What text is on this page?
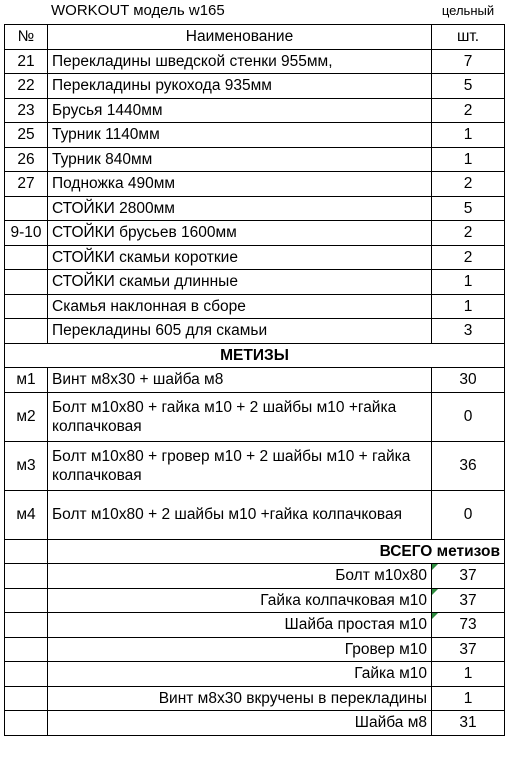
WORKOUT модель w165	цельный
№	Наименование	шт.
21	Перекладины шведской стенки 955мм,	7
22	Перекладины рукохода 935мм	5
23	Брусья 1440мм	2
25	Турник 1140мм	1
26	Турник 840мм	1
27	Подножка 490мм	2
	СТОЙКИ 2800мм	5
9-10	СТОЙКИ брусьев 1600мм	2
	СТОЙКИ скамьи короткие	2
	СТОЙКИ скамьи длинные	1
	Скамья наклонная в сборе	1
	Перекладины 605 для скамьи	3
МЕТИЗЫ		
м1	Винт м8х30 + шайба м8	30
м2	Болт м10х80 + гайка м10 + 2 шайбы м10 +гайка колпачковая	0
м3	Болт м10х80 + гровер м10 + 2 шайбы м10 + гайка колпачковая	36
м4	Болт м10х80 + 2 шайбы м10 +гайка колпачковая	0
	ВСЕГО метизов	
	Болт м10х80	37
	Гайка колпачковая м10	37
	Шайба простая м10	73
	Гровер м10	37
	Гайка м10	1
	Винт м8х30 вкручены в перекладины	1
	Шайба м8	31
